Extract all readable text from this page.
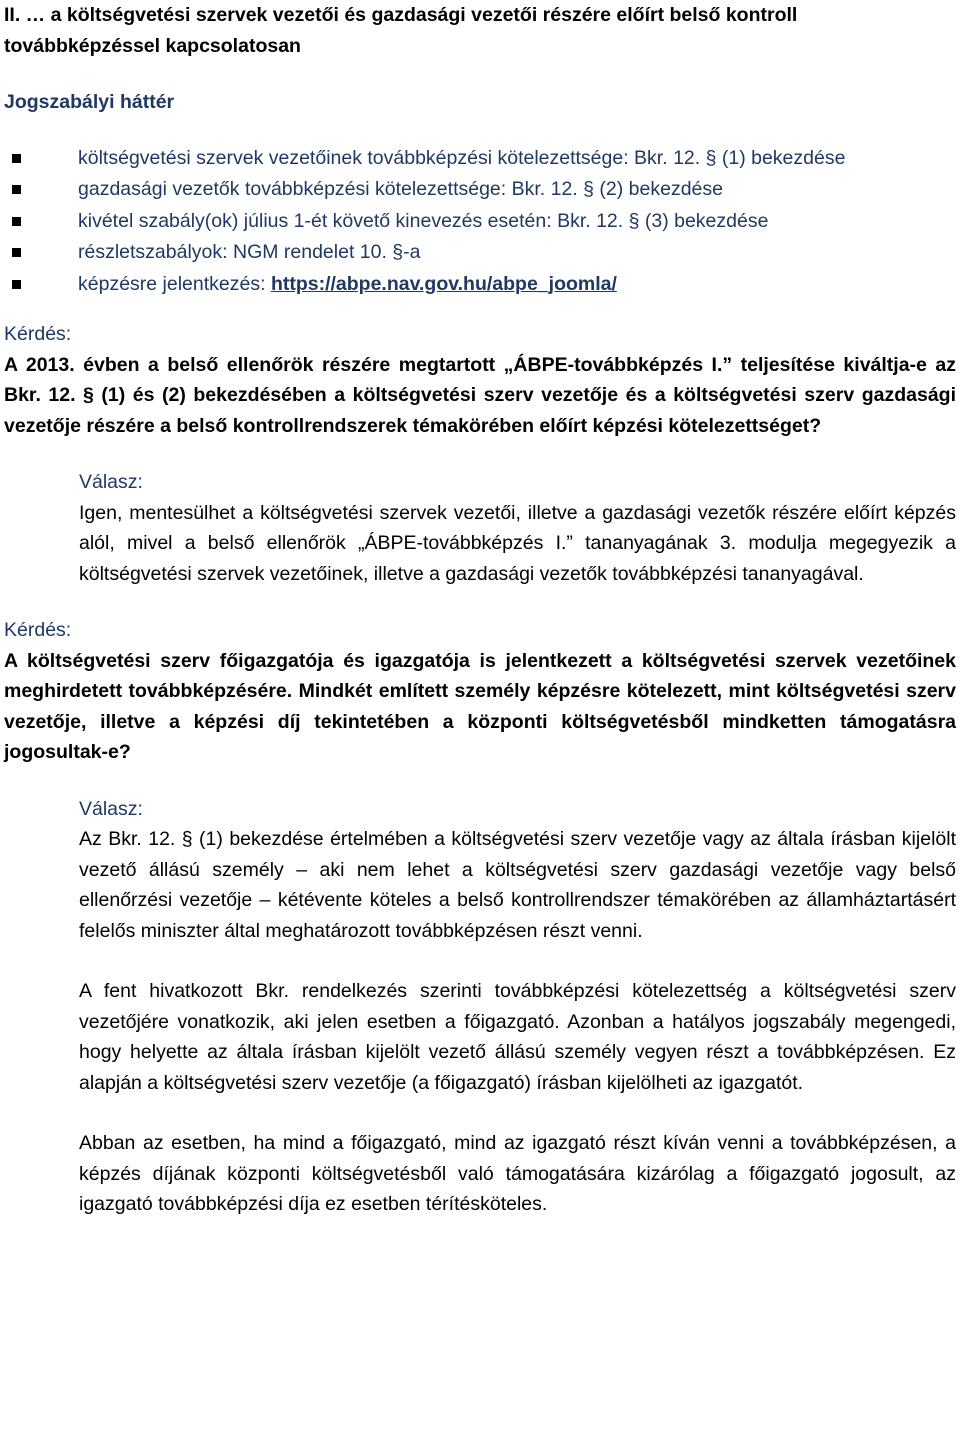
II. … a költségvetési szervek vezetői és gazdasági vezetői részére előírt belső kontroll továbbképzéssel kapcsolatosan

Jogszabályi háttér

költségvetési szervek vezetőinek továbbképzési kötelezettsége: Bkr. 12. § (1) bekezdése
gazdasági vezetők továbbképzési kötelezettsége: Bkr. 12. § (2) bekezdése
kivétel szabály(ok) július 1-ét követő kinevezés esetén: Bkr. 12. § (3) bekezdése
részletszabályok: NGM rendelet 10. §-a
képzésre jelentkezés: https://abpe.nav.gov.hu/abpe_joomla/

Kérdés:

A 2013. évben a belső ellenőrök részére megtartott „ÁBPE-továbbképzés I.” teljesítése kiváltja-e az Bkr. 12. § (1) és (2) bekezdésében a költségvetési szerv vezetője és a költségvetési szerv gazdasági vezetője részére a belső kontrollrendszerek témakörében előírt képzési kötelezettséget?

Válasz:

Igen, mentesülhet a költségvetési szervek vezetői, illetve a gazdasági vezetők részére előírt képzés alól, mivel a belső ellenőrök „ÁBPE-továbbképzés I.” tananyagának 3. modulja megegyezik a költségvetési szervek vezetőinek, illetve a gazdasági vezetők továbbképzési tananyagával.

Kérdés:

A költségvetési szerv főigazgatója és igazgatója is jelentkezett a költségvetési szervek vezetőinek meghirdetett továbbképzésére. Mindkét említett személy képzésre kötelezett, mint költségvetési szerv vezetője, illetve a képzési díj tekintetében a központi költségvetésből mindketten támogatásra jogosultak-e?

Válasz:

Az Bkr. 12. § (1) bekezdése értelmében a költségvetési szerv vezetője vagy az általa írásban kijelölt vezető állású személy – aki nem lehet a költségvetési szerv gazdasági vezetője vagy belső ellenőrzési vezetője – kétévente köteles a belső kontrollrendszer témakörében az államháztartásért felelős miniszter által meghatározott továbbképzésen részt venni.

A fent hivatkozott Bkr. rendelkezés szerinti továbbképzési kötelezettség a költségvetési szerv vezetőjére vonatkozik, aki jelen esetben a főigazgató. Azonban a hatályos jogszabály megengedi, hogy helyette az általa írásban kijelölt vezető állású személy vegyen részt a továbbképzésen. Ez alapján a költségvetési szerv vezetője (a főigazgató) írásban kijelölheti az igazgatót.

Abban az esetben, ha mind a főigazgató, mind az igazgató részt kíván venni a továbbképzésen, a képzés díjának központi költségvetésből való támogatására kizárólag a főigazgató jogosult, az igazgató továbbképzési díja ez esetben térítésköteles.
